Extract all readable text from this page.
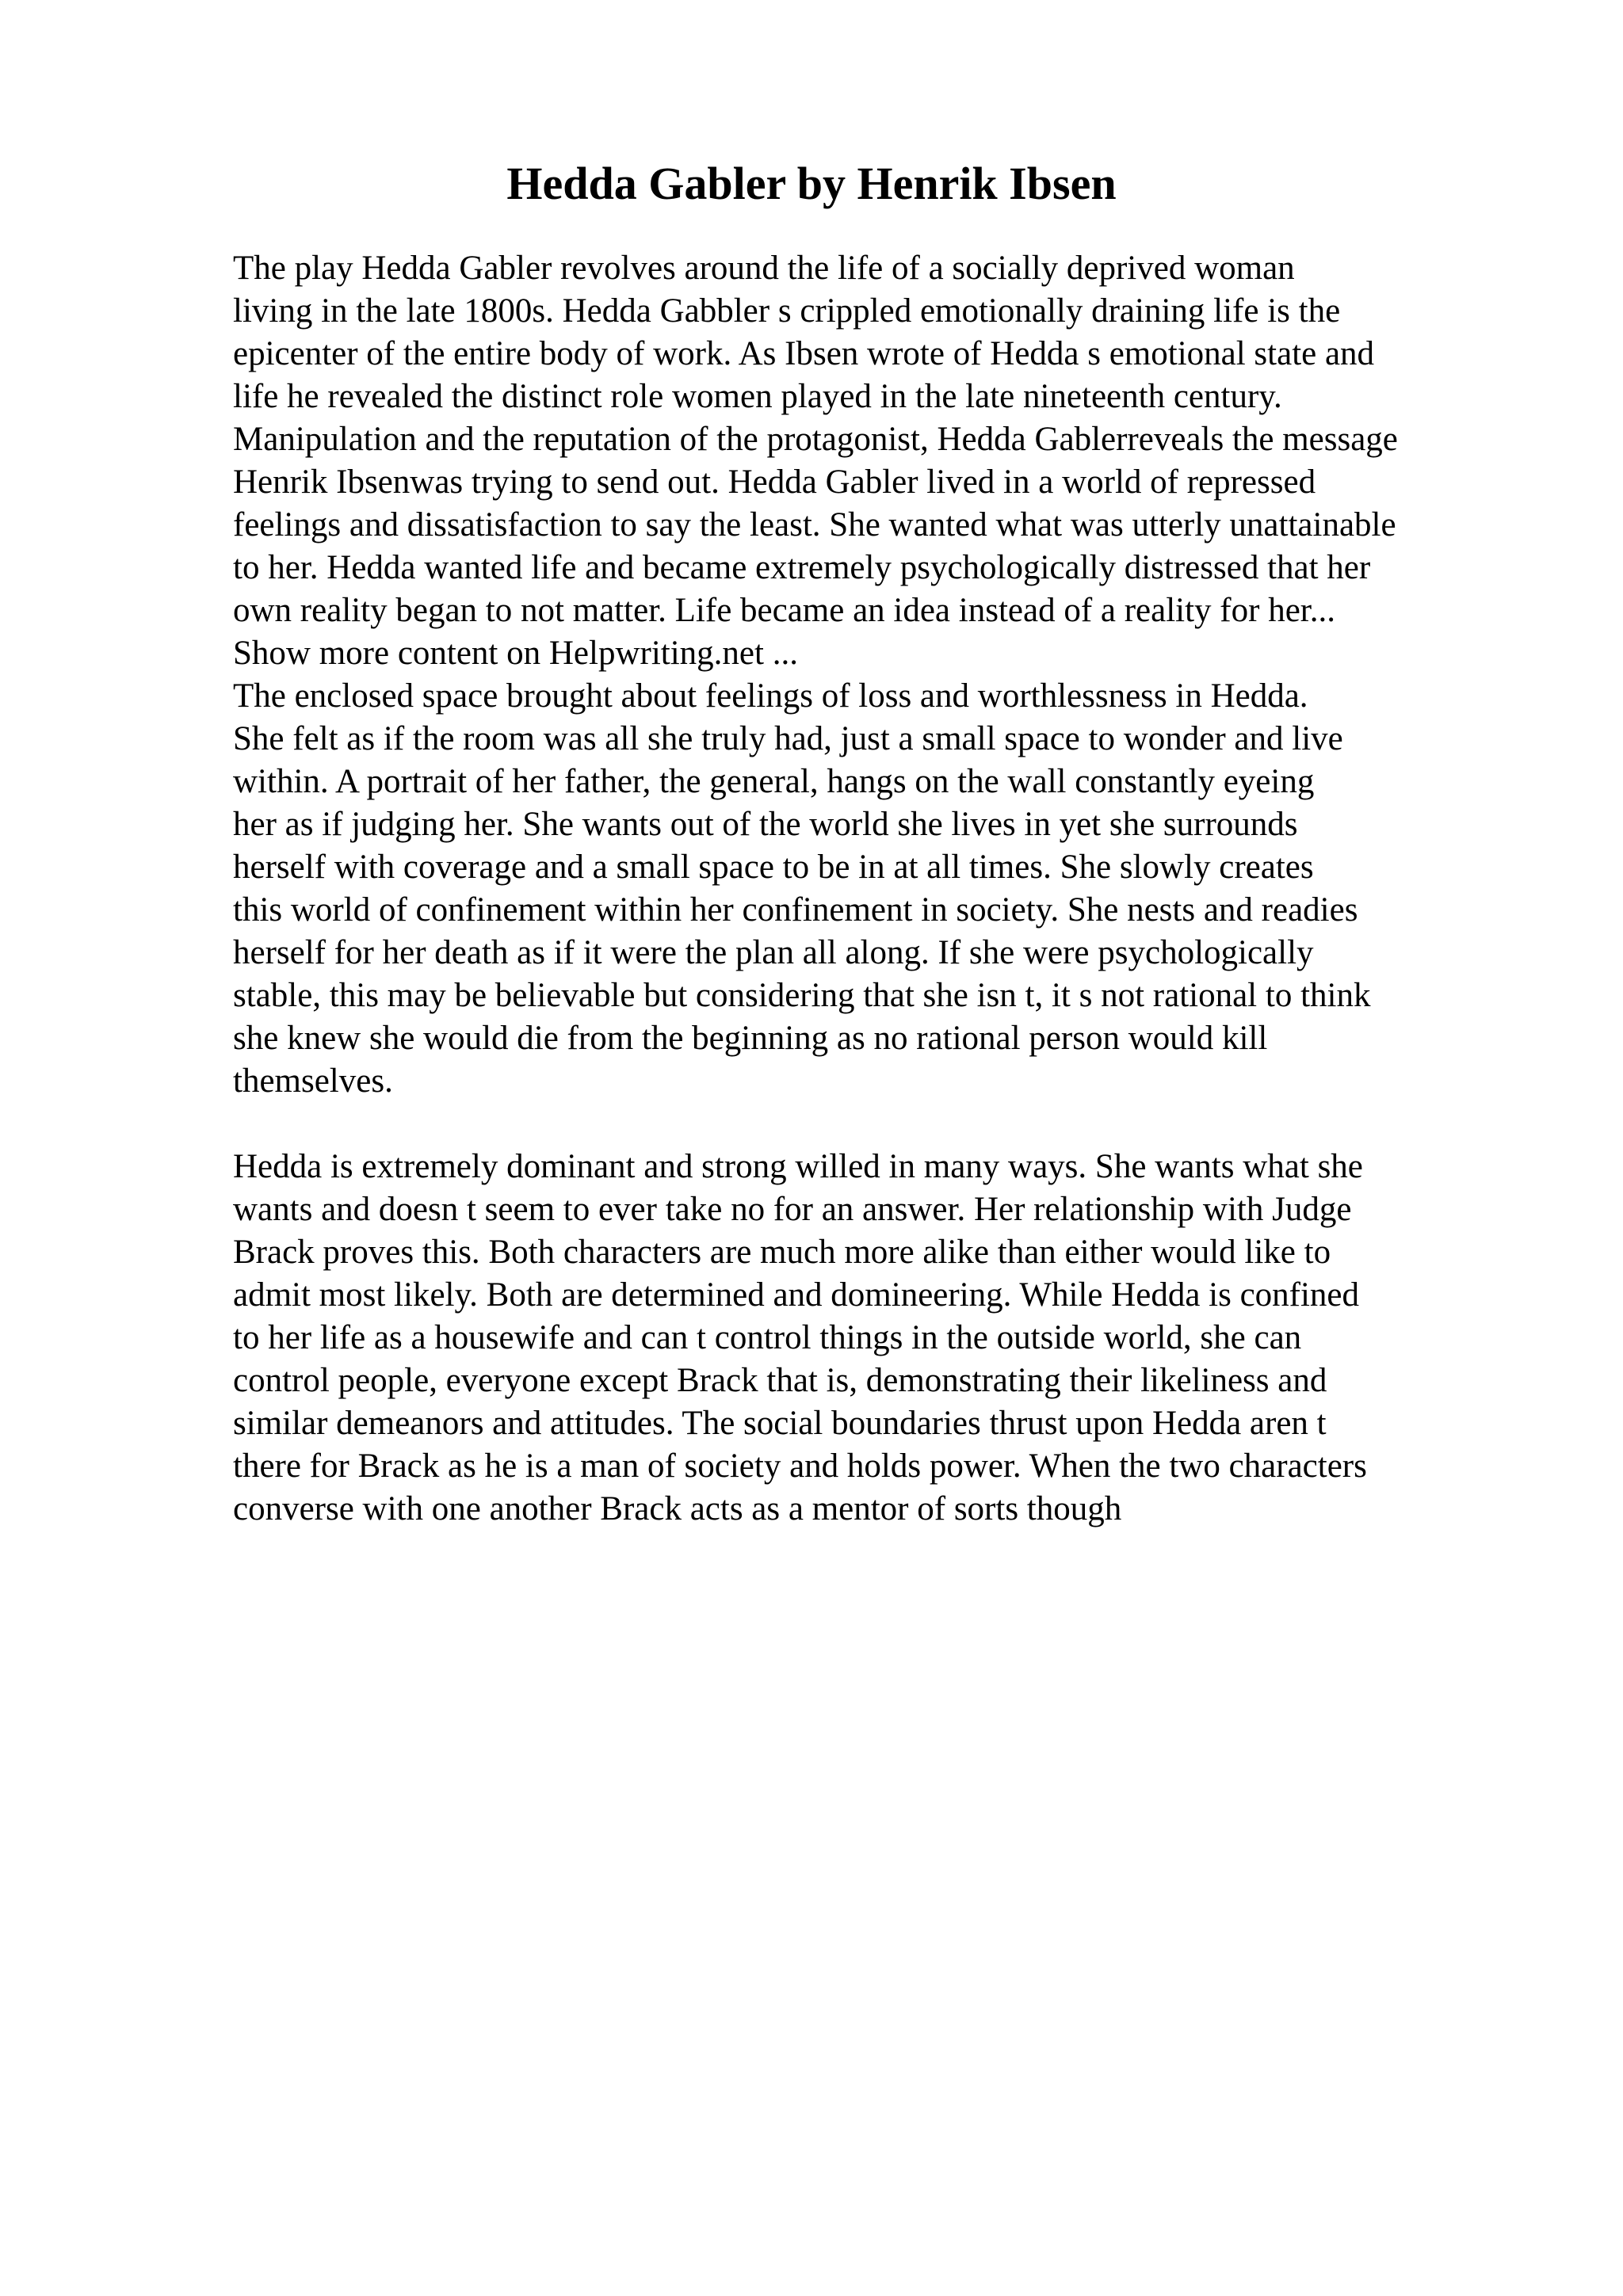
Hedda Gabler by Henrik Ibsen
The play Hedda Gabler revolves around the life of a socially deprived woman
living in the late 1800s. Hedda Gabbler s crippled emotionally draining life is the
epicenter of the entire body of work. As Ibsen wrote of Hedda s emotional state and
life he revealed the distinct role women played in the late nineteenth century.
Manipulation and the reputation of the protagonist, Hedda Gablerreveals the message
Henrik Ibsenwas trying to send out. Hedda Gabler lived in a world of repressed
feelings and dissatisfaction to say the least. She wanted what was utterly unattainable
to her. Hedda wanted life and became extremely psychologically distressed that her
own reality began to not matter. Life became an idea instead of a reality for her...
Show more content on Helpwriting.net ...
The enclosed space brought about feelings of loss and worthlessness in Hedda.
She felt as if the room was all she truly had, just a small space to wonder and live
within. A portrait of her father, the general, hangs on the wall constantly eyeing
her as if judging her. She wants out of the world she lives in yet she surrounds
herself with coverage and a small space to be in at all times. She slowly creates
this world of confinement within her confinement in society. She nests and readies
herself for her death as if it were the plan all along. If she were psychologically
stable, this may be believable but considering that she isn t, it s not rational to think
she knew she would die from the beginning as no rational person would kill
themselves.
Hedda is extremely dominant and strong willed in many ways. She wants what she
wants and doesn t seem to ever take no for an answer. Her relationship with Judge
Brack proves this. Both characters are much more alike than either would like to
admit most likely. Both are determined and domineering. While Hedda is confined
to her life as a housewife and can t control things in the outside world, she can
control people, everyone except Brack that is, demonstrating their likeliness and
similar demeanors and attitudes. The social boundaries thrust upon Hedda aren t
there for Brack as he is a man of society and holds power. When the two characters
converse with one another Brack acts as a mentor of sorts though
